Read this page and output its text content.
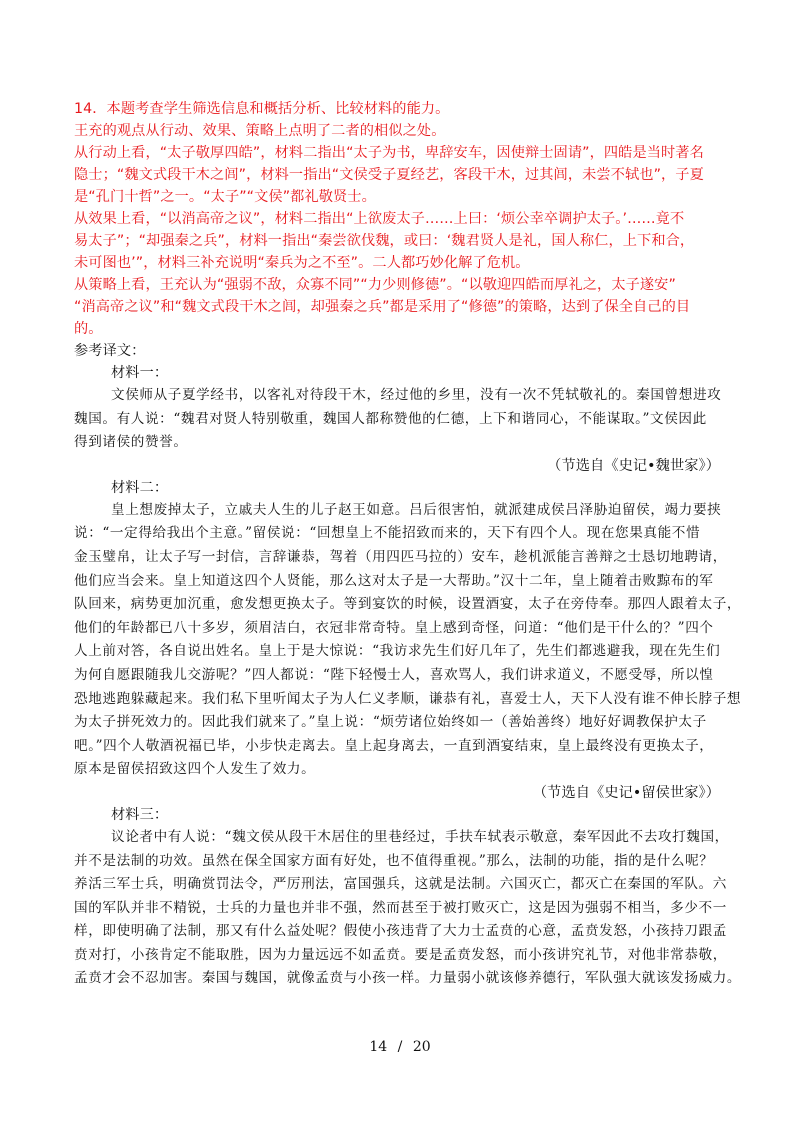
14．本题考查学生筛选信息和概括分析、比较材料的能力。
王充的观点从行动、效果、策略上点明了二者的相似之处。
从行动上看，“太子敬厚四皓”，材料二指出“太子为书，卑辞安车，因使辩士固请”，四皓是当时著名
隐士；“魏文式段干木之闾”，材料一指出“文侯受子夏经艺，客段干木，过其闾，未尝不轼也”，子夏
是“孔门十哲”之一。“太子”“文侯”都礼敬贤士。
从效果上看，“以消高帝之议”，材料二指出“上欲废太子……上曰：‘烦公幸卒调护太子。’……竟不
易太子”；“却强秦之兵”，材料一指出“秦尝欲伐魏，或曰：‘魏君贤人是礼，国人称仁，上下和合，
未可图也’”，材料三补充说明“秦兵为之不至”。二人都巧妙化解了危机。
从策略上看，王充认为“强弱不敌，众寡不同”“力少则修德”。“以敬迎四皓而厚礼之，太子遂安”
“消高帝之议”和“魏文式段干木之闾，却强秦之兵”都是采用了“修德”的策略，达到了保全自己的目
的。
参考译文：
材料一：
文侯师从子夏学经书，以客礼对待段干木，经过他的乡里，没有一次不凭轼敬礼的。秦国曾想进攻
魏国。有人说：“魏君对贤人特别敬重，魏国人都称赞他的仁德，上下和谐同心，不能谋取。”文侯因此
得到诸侯的赞誉。
（节选自《史记•魏世家》）
材料二：
皇上想废掉太子，立戚夫人生的儿子赵王如意。吕后很害怕，就派建成侯吕泽胁迫留侯，竭力要挟
说：“一定得给我出个主意。”留侯说：“回想皇上不能招致而来的，天下有四个人。现在您果真能不惜
金玉璧帛，让太子写一封信，言辞谦恭，驾着（用四匹马拉的）安车，趁机派能言善辩之士恳切地聘请，
他们应当会来。皇上知道这四个人贤能，那么这对太子是一大帮助。”汉十二年，皇上随着击败黥布的军
队回来，病势更加沉重，愈发想更换太子。等到宴饮的时候，设置酒宴，太子在旁侍奉。那四人跟着太子，
他们的年龄都已八十多岁，须眉洁白，衣冠非常奇特。皇上感到奇怪，问道：“他们是干什么的？”四个
人上前对答，各自说出姓名。皇上于是大惊说：“我访求先生们好几年了，先生们都逃避我，现在先生们
为何自愿跟随我儿交游呢？”四人都说：“陛下轻慢士人，喜欢骂人，我们讲求道义，不愿受辱，所以惶
恐地逃跑躲藏起来。我们私下里听闻太子为人仁义孝顺，谦恭有礼，喜爱士人，天下人没有谁不伸长脖子想
为太子拼死效力的。因此我们就来了。”皇上说：“烦劳诸位始终如一（善始善终）地好好调教保护太子
吧。”四个人敬酒祝福已毕，小步快走离去。皇上起身离去，一直到酒宴结束，皇上最终没有更换太子，
原本是留侯招致这四个人发生了效力。
（节选自《史记•留侯世家》）
材料三：
议论者中有人说：“魏文侯从段干木居住的里巷经过，手扶车轼表示敬意，秦军因此不去攻打魏国，
并不是法制的功效。虽然在保全国家方面有好处，也不值得重视。”那么，法制的功能，指的是什么呢？
养活三军士兵，明确赏罚法令，严厉刑法，富国强兵，这就是法制。六国灭亡，都灭亡在秦国的军队。六
国的军队并非不精锐，士兵的力量也并非不强，然而甚至于被打败灭亡，这是因为强弱不相当，多少不一
样，即使明确了法制，那又有什么益处呢？假使小孩违背了大力士孟贲的心意，孟贲发怒，小孩持刀跟孟
贲对打，小孩肯定不能取胜，因为力量远远不如孟贲。要是孟贲发怒，而小孩讲究礼节，对他非常恭敬，
孟贲才会不忍加害。秦国与魏国，就像孟贲与小孩一样。力量弱小就该修养德行，军队强大就该发扬威力。
14 / 20
